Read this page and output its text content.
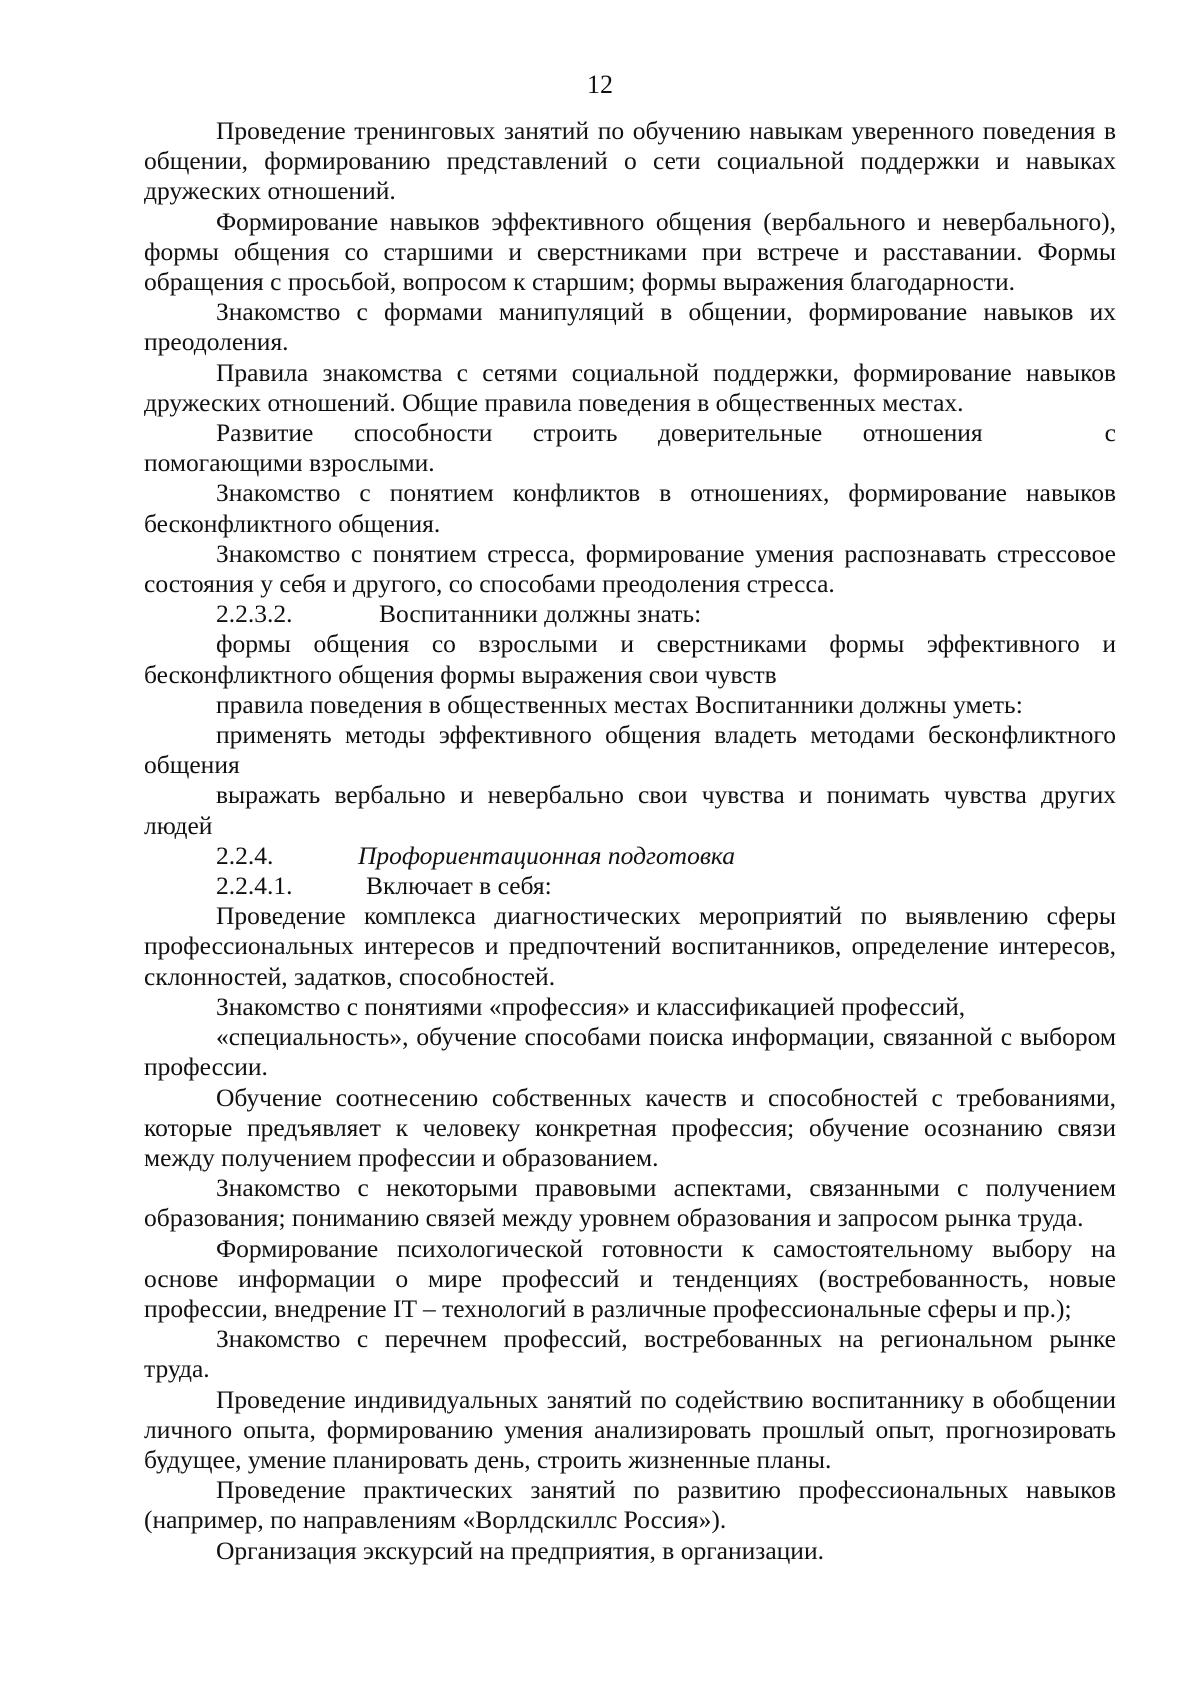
12

Проведение тренинговых занятий по обучению навыкам уверенного поведения в общении, формированию представлений о сети социальной поддержки и навыках дружеских отношений.

Формирование навыков эффективного общения (вербального и невербального), формы общения со старшими и сверстниками при встрече и расставании. Формы обращения с просьбой, вопросом к старшим; формы выражения благодарности.

Знакомство с формами манипуляций в общении, формирование навыков их преодоления.

Правила знакомства с сетями социальной поддержки, формирование навыков дружеских отношений. Общие правила поведения в общественных местах.

Развитие способности строить доверительные отношения	с помогающими взрослыми.

Знакомство с понятием конфликтов в отношениях, формирование навыков бесконфликтного общения.

Знакомство с понятием стресса, формирование умения распознавать стрессовое состояния у себя и другого, со способами преодоления стресса.

2.2.3.2.	Воспитанники должны знать:

формы общения со взрослыми и сверстниками формы эффективного и бесконфликтного общения формы выражения свои чувств

правила поведения в общественных местах Воспитанники должны уметь:

применять методы эффективного общения владеть методами бесконфликтного общения

выражать вербально и невербально свои чувства и понимать чувства других людей

2.2.4.	Профориентационная подготовка

2.2.4.1.	Включает в себя:

Проведение комплекса диагностических мероприятий по выявлению сферы профессиональных интересов и предпочтений воспитанников, определение интересов, склонностей, задатков, способностей.

Знакомство с понятиями «профессия» и классификацией профессий,

«специальность», обучение способами поиска информации, связанной с выбором профессии.

Обучение соотнесению собственных качеств и способностей с требованиями, которые предъявляет к человеку конкретная профессия; обучение осознанию связи между получением профессии и образованием.

Знакомство с некоторыми правовыми аспектами, связанными с получением образования; пониманию связей между уровнем образования и запросом рынка труда.

Формирование психологической готовности к самостоятельному выбору на основе информации о мире профессий и тенденциях (востребованность, новые профессии, внедрение IT – технологий в различные профессиональные сферы и пр.);

Знакомство с перечнем профессий, востребованных на региональном рынке труда.

Проведение индивидуальных занятий по содействию воспитаннику в обобщении личного опыта, формированию умения анализировать прошлый опыт, прогнозировать будущее, умение планировать день, строить жизненные планы.

Проведение практических занятий по развитию профессиональных навыков (например, по направлениям «Ворлдскиллс Россия»).

Организация экскурсий на предприятия, в организации.
